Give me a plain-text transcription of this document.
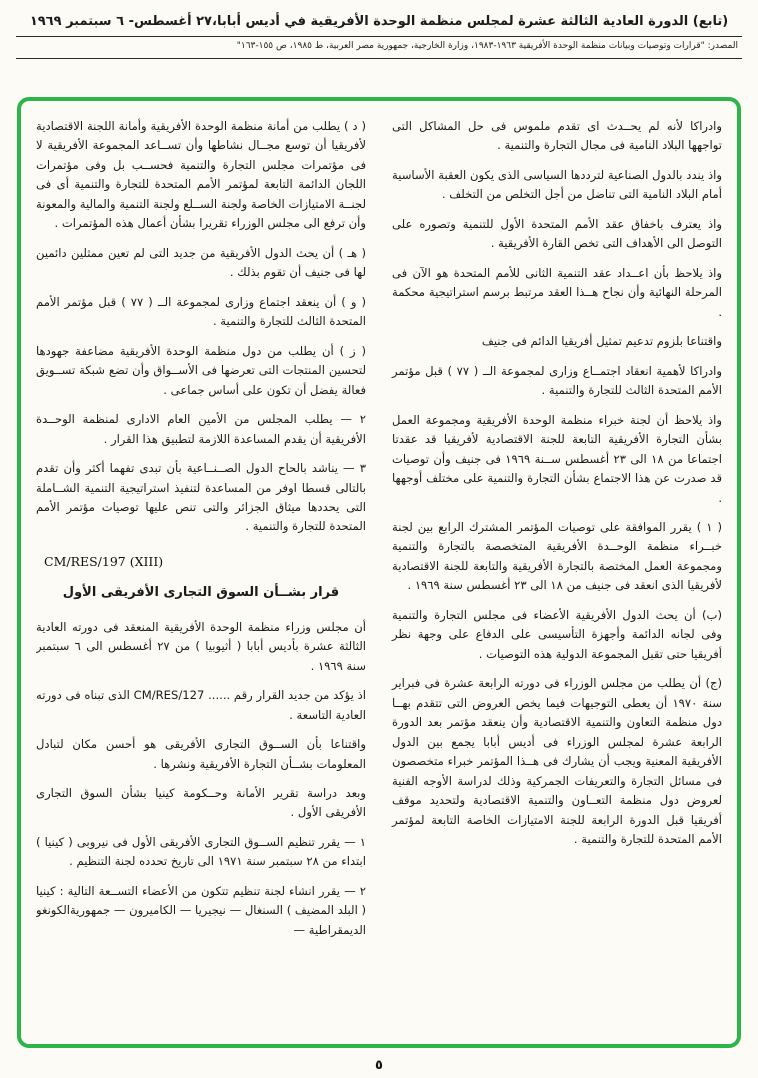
(تابع) الدورة العادية الثالثة عشرة لمجلس منظمة الوحدة الأفريقية في أديس أبابا،٢٧ أغسطس- ٦ سبتمبر ١٩٦٩
المصدر: "قرارات وتوصيات وبيانات منظمة الوحدة الأفريقية ١٩٦٣-١٩٨٣، وزارة الخارجية، جمهورية مصر العربية، ط ١٩٨٥، ص ١٥٥-١٦٣"

وادراكا لأنه لم يحــدث اى تقدم ملموس فى حل المشاكل التى تواجهها البلاد النامية فى مجال التجارة والتنمية .

واذ يندد بالدول الصناعية لترددها السياسى الذى يكون العقبة الأساسية أمام البلاد النامية التى تناضل من أجل التخلص من التخلف .

واذ يعترف باخفاق عقد الأمم المتحدة الأول للتنمية وتصوره على التوصل الى الأهداف التى تخص القارة الأفريقية .

واذ يلاحظ بأن اعــداد عقد التنمية الثانى للأمم المتحدة هو الآن فى المرحلة النهائية وأن نجاح هــذا العقد مرتبط برسم استراتيجية محكمة .

واقتناعا بلزوم تدعيم تمثيل أفريقيا الدائم فى جنيف

وادراكا لأهمية انعقاد اجتمــاع وزارى لمجموعة الــ ( ٧٧ ) قبل مؤتمر الأمم المتحدة الثالث للتجارة والتنمية .

واذ يلاحظ أن لجنة خبراء منظمة الوحدة الأفريقية ومجموعة العمل بشأن التجارة الأفريقية التابعة للجنة الاقتصادية لأفريقيا قد عقدتا اجتماعا من ١٨ الى ٢٣ أغسطس ســنة ١٩٦٩ فى جنيف وأن توصيات قد صدرت عن هذا الاجتماع بشأن التجارة والتنمية على مختلف أوجهها .

( ١ ) يقرر الموافقة على توصيات المؤتمر المشترك الرابع بين لجنة خبــراء منظمة الوحــدة الأفريقية المتخصصة بالتجارة والتنمية ومجموعة العمل المختصة بالتجارة الأفريقية والتابعة للجنة الاقتصادية لأفريقيا الذى انعقد فى جنيف من ١٨ الى ٢٣ أغسطس سنة ١٩٦٩ .

(ب) أن يحث الدول الأفريقية الأعضاء فى مجلس التجارة والتنمية وفى لجانه الدائمة وأجهزة التأسيسى على الدفاع على وجهة نظر أفريقيا حتى تقبل المجموعة الدولية هذه التوصيات .

(ج) أن يطلب من مجلس الوزراء فى دورته الرابعة عشرة فى فبراير سنة ١٩٧٠ أن يعطى التوجيهات فيما يخص العروض التى تتقدم بهــا دول منظمة التعاون والتنمية الاقتصادية وأن ينعقد مؤتمر بعد الدورة الرابعة عشرة لمجلس الوزراء فى أديس أبابا يجمع بين الدول الأفريقية المعنية ويجب أن يشارك فى هــذا المؤتمر خبراء متخصصون فى مسائل التجارة والتعريفات الجمركية وذلك لدراسة الأوجه الفنية لعروض دول منظمة التعــاون والتنمية الاقتصادية ولتحديد موقف أفريقيا قبل الدورة الرابعة للجنة الامتيازات الخاصة التابعة لمؤتمر الأمم المتحدة للتجارة والتنمية .

( د ) يطلب من أمانة منظمة الوحدة الأفريقية وأمانة اللجنة الاقتصادية لأفريقيا أن توسع مجــال نشاطها وأن تســاعد المجموعة الأفريقية لا فى مؤتمرات مجلس التجارة والتنمية فحســب بل وفى مؤتمرات اللجان الدائمة التابعة لمؤتمر الأمم المتحدة للتجارة والتنمية أى فى لجنــة الامتيازات الخاصة ولجنة الســلع ولجنة التنمية والمالية والمعونة وأن ترفع الى مجلس الوزراء تقريرا بشأن أعمال هذه المؤتمرات .

( هـ ) أن يحث الدول الأفريقية من جديد التى لم تعين ممثلين دائمين لها فى جنيف أن تقوم بذلك .

( و ) أن ينعقد اجتماع وزارى لمجموعة الــ ( ٧٧ ) قبل مؤتمر الأمم المتحدة الثالث للتجارة والتنمية .

( ز ) أن يطلب من دول منظمة الوحدة الأفريقية مضاعفة جهودها لتحسين المنتجات التى تعرضها فى الأســواق وأن تضع شبكة تســويق فعالة يفضل أن تكون على أساس جماعى .

٢ — يطلب المجلس من الأمين العام الادارى لمنظمة الوحــدة الأفريقية أن يقدم المساعدة اللازمة لتطبيق هذا القرار .

٣ — يناشد بالحاح الدول الصــنــاعية بأن تبدى تفهما أكثر وأن تقدم بالتالى قسطا اوفر من المساعدة لتنفيذ استراتيجية التنمية الشــاملة التى يحددها ميثاق الجزائر والتى تنص عليها توصيات مؤتمر الأمم المتحدة للتجارة والتنمية .

CM/RES/197 (XIII)
قرار بشــأن السوق التجارى الأفريقى الأول

أن مجلس وزراء منظمة الوحدة الأفريقية المنعقد فى دورته العادية الثالثة عشرة بأديس أبابا ( أثيوبيا ) من ٢٧ أغسطس الى ٦ سبتمبر سنة ١٩٦٩ .

اذ يؤكد من جديد القرار رقم ...... CM/RES/127 الذى تبناه فى دورته العادية التاسعة .

واقتناعا بأن الســوق التجارى الأفريقى هو أحسن مكان لتبادل المعلومات بشــأن التجارة الأفريقية ونشرها .

وبعد دراسة تقرير الأمانة وحــكومة كينيا بشأن السوق التجارى الأفريقى الأول .

١ — يقرر تنظيم الســوق التجارى الأفريقى الأول فى نيروبى ( كينيا ) ابتداء من ٢٨ سبتمبر سنة ١٩٧١ الى تاريخ تحدده لجنة التنظيم .

٢ — يقرر انشاء لجنة تنظيم تتكون من الأعضاء التســعة التالية : كينيا ( البلد المضيف ) السنغال — نيجيريا — الكاميرون — جمهوريةالكونغو الديمقراطية —

٥
